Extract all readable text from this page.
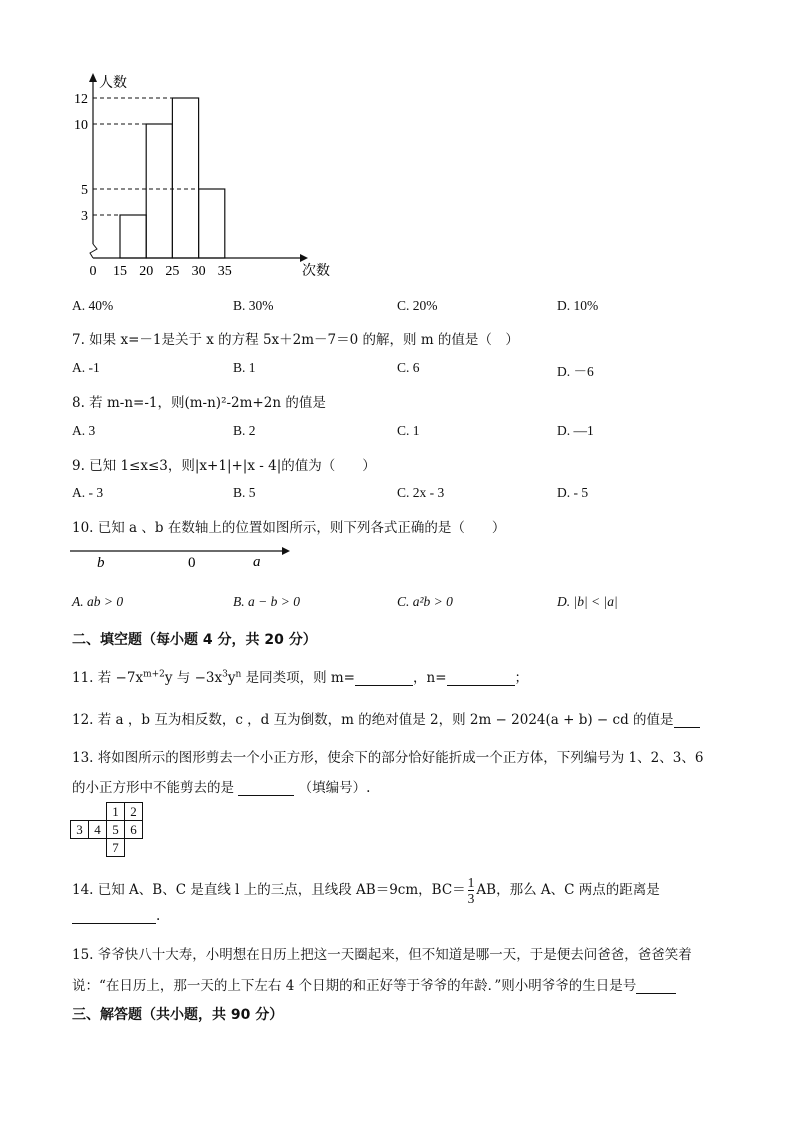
3
5
10
12
0 15 20 25 30 35
人数
次数
A. 40%	B. 30%	C. 20%	D. 10%
7. 如果 x=－1是关于 x 的方程 5x＋2m－7＝0 的解，则 m 的值是（　）
A. -1	B. 1	C. 6	D. －6
8. 若 m-n=-1，则(m-n)²-2m+2n 的值是
A. 3	B. 2	C. 1	D. —1
9. 已知 1≤x≤3，则|x+1|+|x - 4|的值为（　　）
A. - 3	B. 5	C. 2x - 3	D. - 5
10. 已知 a 、b 在数轴上的位置如图所示，则下列各式正确的是（　　）
b	0	a
A. ab > 0	B. a − b > 0	C. a²b > 0	D. |b| < |a|
二、填空题（每小题 4 分，共 20 分）
11. 若 $-7x^{m+2}y$ 与 $-3x^3y^n$ 是同类项，则 m=	，n=	；
12. 若 a ，b 互为相反数，c ，d 互为倒数，m 的绝对值是 2，则 2m − 2024(a + b) − cd 的值是
13. 将如图所示的图形剪去一个小正方形，使余下的部分恰好能折成一个正方体，下列编号为 1、2、3、6
的小正方形中不能剪去的是	（填编号）.
		1	2
3	4	5	6
		7	
14. 已知 A、B、C 是直线 l 上的三点，且线段 AB＝9cm，$BC= \frac{1}{3}$ AB，那么 A、C 两点的距离是
.
15. 爷爷快八十大寿，小明想在日历上把这一天圈起来，但不知道是哪一天，于是便去问爸爸，爸爸笑着
说：“在日历上，那一天的上下左右 4 个日期的和正好等于爷爷的年龄．”则小明爷爷的生日是号
三、解答题（共小题，共 90 分）
